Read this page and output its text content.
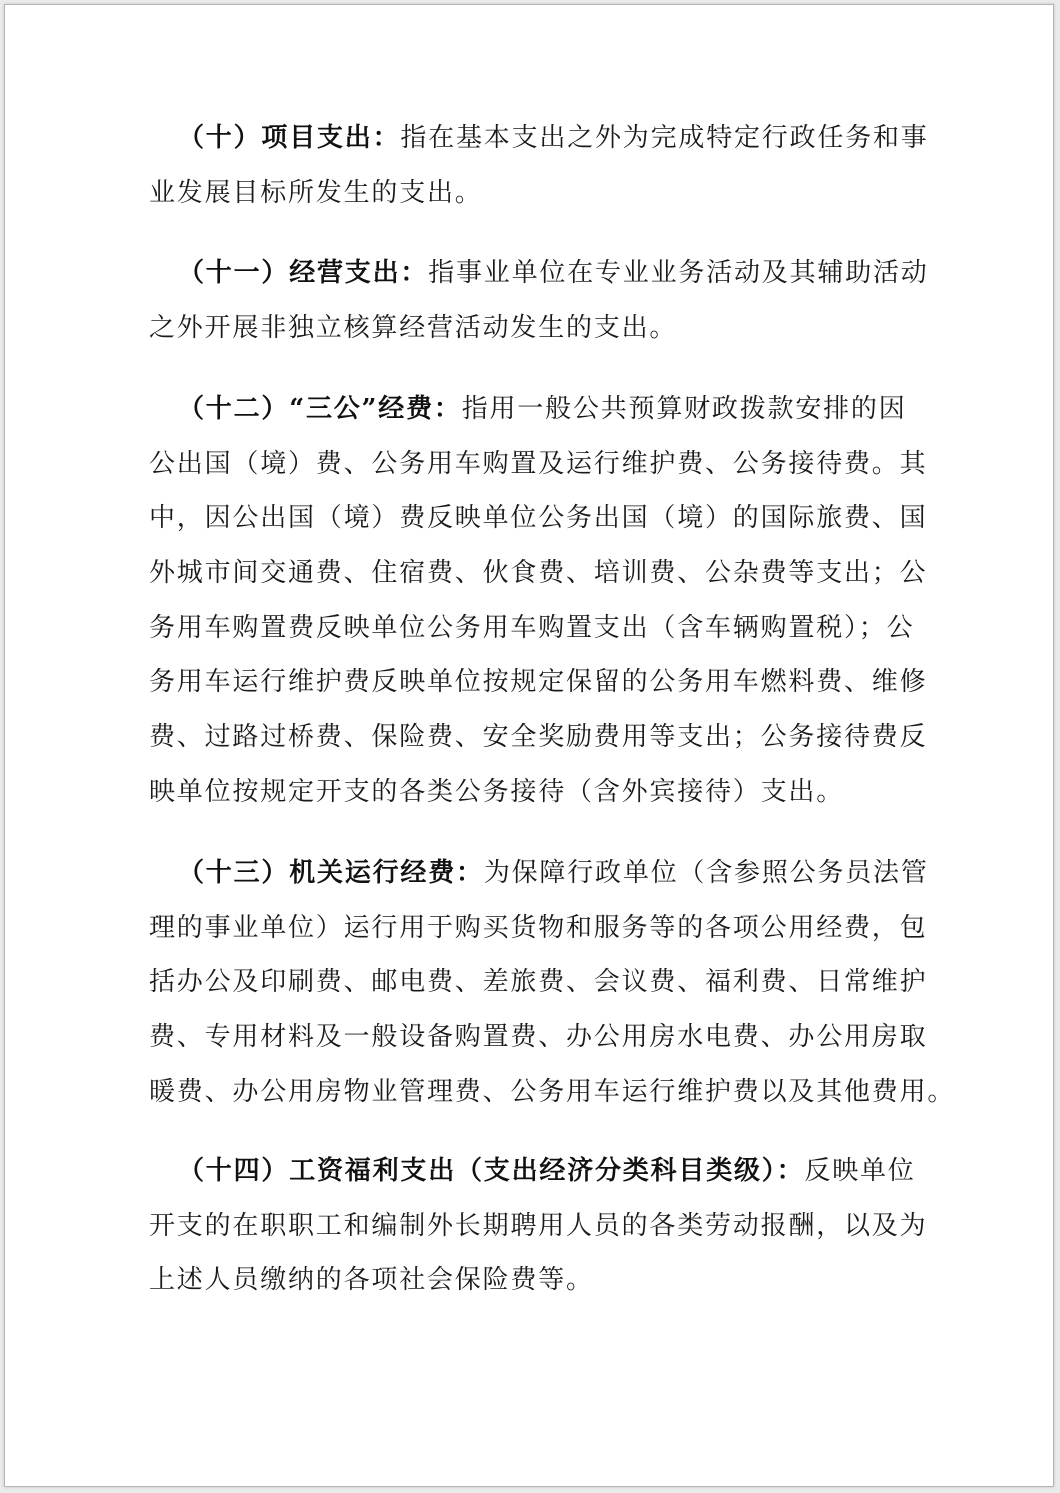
（十）项目支出：指在基本支出之外为完成特定行政任务和事
业发展目标所发生的支出。
（十一）经营支出：指事业单位在专业业务活动及其辅助活动
之外开展非独立核算经营活动发生的支出。
（十二）“三公”经费：指用一般公共预算财政拨款安排的因
公出国（境）费、公务用车购置及运行维护费、公务接待费。其
中，因公出国（境）费反映单位公务出国（境）的国际旅费、国
外城市间交通费、住宿费、伙食费、培训费、公杂费等支出；公
务用车购置费反映单位公务用车购置支出（含车辆购置税）；公
务用车运行维护费反映单位按规定保留的公务用车燃料费、维修
费、过路过桥费、保险费、安全奖励费用等支出；公务接待费反
映单位按规定开支的各类公务接待（含外宾接待）支出。
（十三）机关运行经费：为保障行政单位（含参照公务员法管
理的事业单位）运行用于购买货物和服务等的各项公用经费，包
括办公及印刷费、邮电费、差旅费、会议费、福利费、日常维护
费、专用材料及一般设备购置费、办公用房水电费、办公用房取
暖费、办公用房物业管理费、公务用车运行维护费以及其他费用。
（十四）工资福利支出（支出经济分类科目类级）：反映单位
开支的在职职工和编制外长期聘用人员的各类劳动报酬，以及为
上述人员缴纳的各项社会保险费等。
